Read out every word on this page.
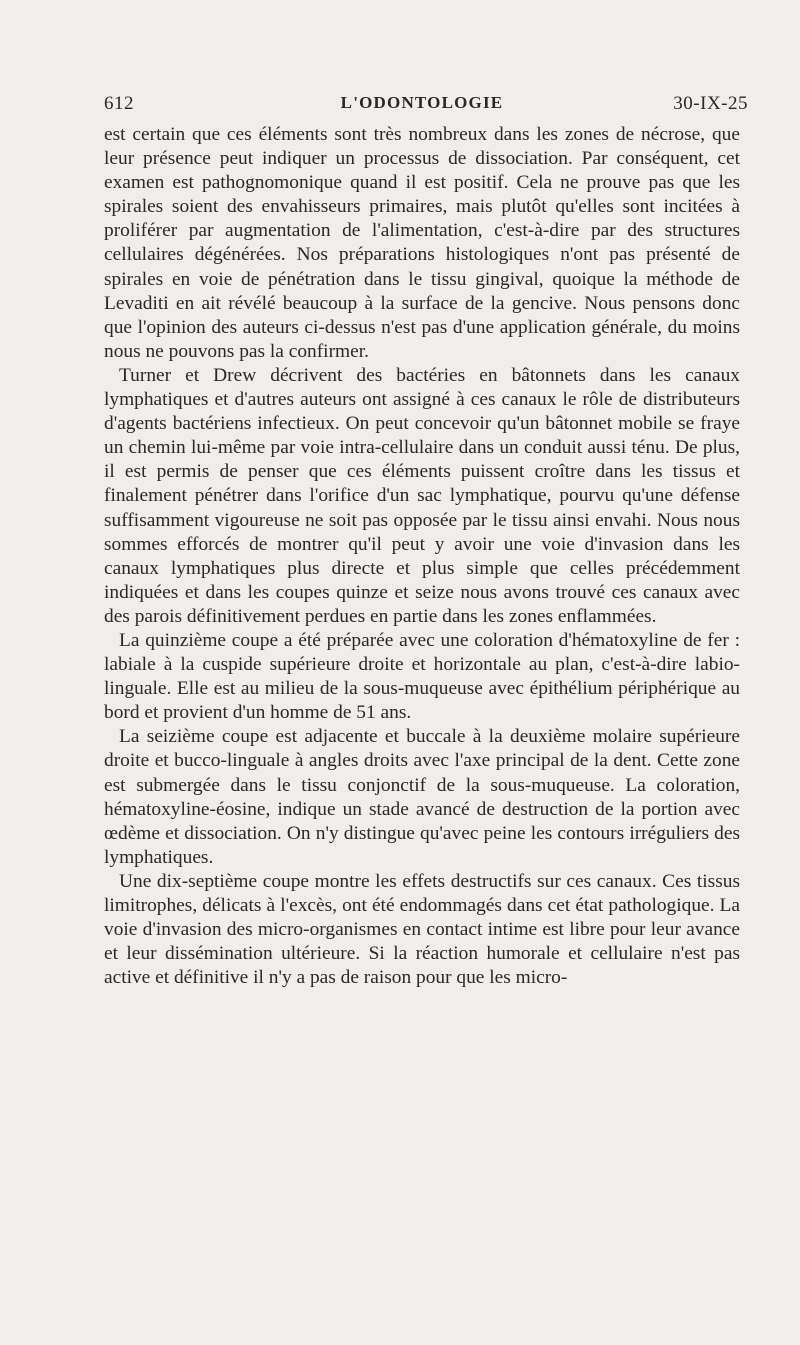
612	L'ODONTOLOGIE	30-IX-25

est certain que ces éléments sont très nombreux dans les zones de nécrose, que leur présence peut indiquer un processus de dissociation. Par conséquent, cet examen est pathognomonique quand il est positif. Cela ne prouve pas que les spirales soient des envahisseurs primaires, mais plutôt qu'elles sont incitées à proliférer par augmentation de l'alimentation, c'est-à-dire par des structures cellulaires dégénérées. Nos préparations histologiques n'ont pas présenté de spirales en voie de pénétration dans le tissu gingival, quoique la méthode de Levaditi en ait révélé beaucoup à la surface de la gencive. Nous pensons donc que l'opinion des auteurs ci-dessus n'est pas d'une application générale, du moins nous ne pouvons pas la confirmer.

Turner et Drew décrivent des bactéries en bâtonnets dans les canaux lymphatiques et d'autres auteurs ont assigné à ces canaux le rôle de distributeurs d'agents bactériens infectieux. On peut concevoir qu'un bâtonnet mobile se fraye un chemin lui-même par voie intra-cellulaire dans un conduit aussi ténu. De plus, il est permis de penser que ces éléments puissent croître dans les tissus et finalement pénétrer dans l'orifice d'un sac lymphatique, pourvu qu'une défense suffisamment vigoureuse ne soit pas opposée par le tissu ainsi envahi. Nous nous sommes efforcés de montrer qu'il peut y avoir une voie d'invasion dans les canaux lymphatiques plus directe et plus simple que celles précédemment indiquées et dans les coupes quinze et seize nous avons trouvé ces canaux avec des parois définitivement perdues en partie dans les zones enflammées.

La quinzième coupe a été préparée avec une coloration d'hématoxyline de fer : labiale à la cuspide supérieure droite et horizontale au plan, c'est-à-dire labio-linguale. Elle est au milieu de la sous-muqueuse avec épithélium périphérique au bord et provient d'un homme de 51 ans.

La seizième coupe est adjacente et buccale à la deuxième molaire supérieure droite et bucco-linguale à angles droits avec l'axe principal de la dent. Cette zone est submergée dans le tissu conjonctif de la sous-muqueuse. La coloration, hématoxyline-éosine, indique un stade avancé de destruction de la portion avec œdème et dissociation. On n'y distingue qu'avec peine les contours irréguliers des lymphatiques.

Une dix-septième coupe montre les effets destructifs sur ces canaux. Ces tissus limitrophes, délicats à l'excès, ont été endommagés dans cet état pathologique. La voie d'invasion des micro-organismes en contact intime est libre pour leur avance et leur dissémination ultérieure. Si la réaction humorale et cellulaire n'est pas active et définitive il n'y a pas de raison pour que les micro-
